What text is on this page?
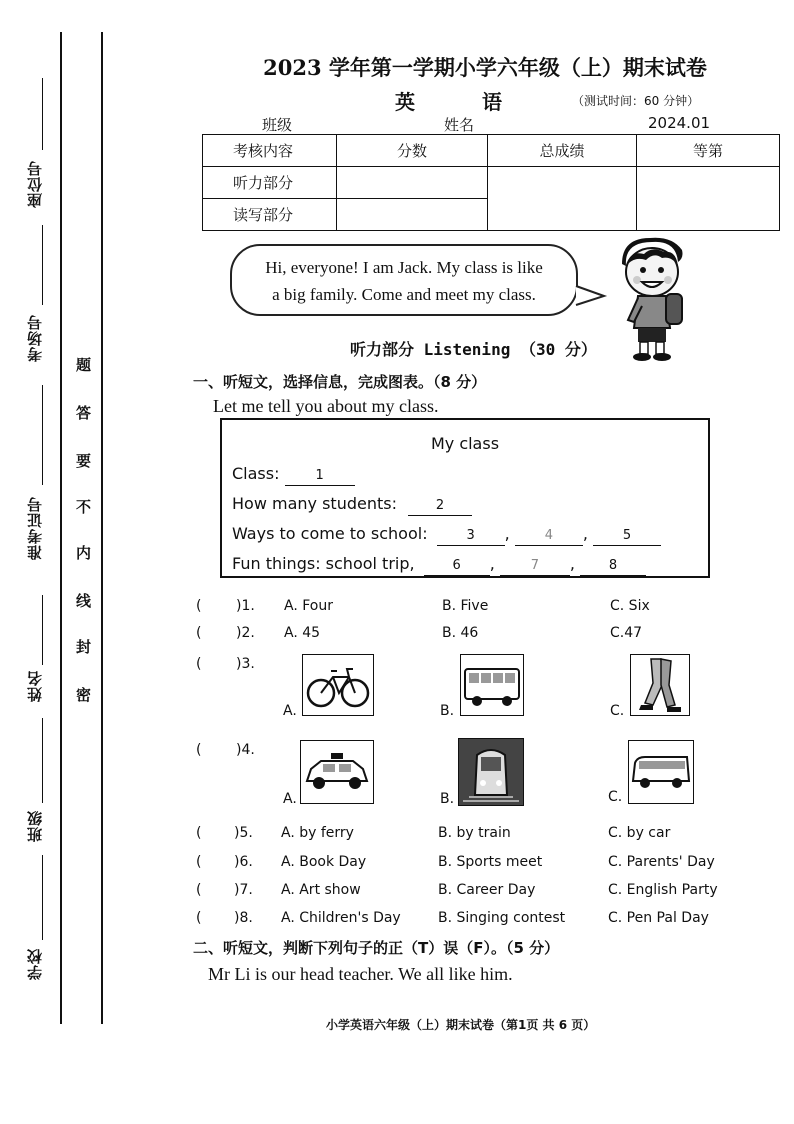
座位号
考场号
准考证号
姓名
班级
学校
题
答
要
不
内
线
封
密
2023 学年第一学期小学六年级（上）期末试卷
英 语	（测试时间：60 分钟）
班级	姓名	2024.01
考核内容	分数	总成绩	等第
听力部分			
读写部分			
Hi, everyone! I am Jack. My class is like
a big family. Come and meet my class.
听力部分 Listening （30 分）
一、听短文，选择信息，完成图表。（8 分）
Let me tell you about my class.
My class
Class:	1
How many students:	2
Ways to come to school:	3 , 4 , 5
Fun things: school trip,	6 , 7 , 8
( )1. A. Four	B. Five	C. Six
( )2. A. 45	B. 46	C.47
( )3.
A.	B.	C.
( )4.
A.	B.	C.
( )5. A. by ferry	B. by train	C. by car
( )6. A. Book Day	B. Sports meet	C. Parents' Day
( )7. A. Art show	B. Career Day	C. English Party
( )8. A. Children's Day	B. Singing contest	C. Pen Pal Day
二、听短文，判断下列句子的正（T）误（F）。（5 分）
Mr Li is our head teacher. We all like him.
小学英语六年级（上）期末试卷（第1页 共 6 页）
